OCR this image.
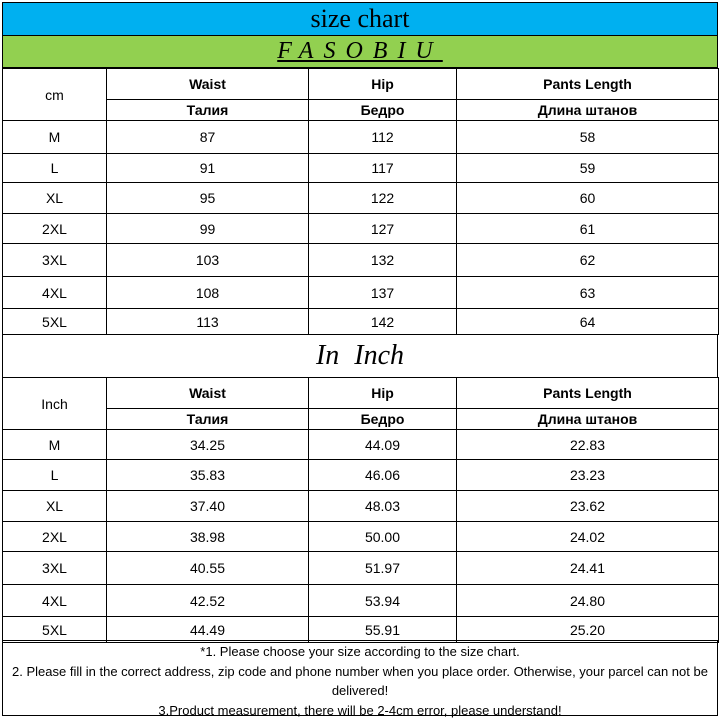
size chart
FASOBIU
cm	Waist	Hip	Pants Length
	Талия	Бедро	Длина штанов
M	87	112	58
L	91	117	59
XL	95	122	60
2XL	99	127	61
3XL	103	132	62
4XL	108	137	63
5XL	113	142	64
In Inch
Inch	Waist	Hip	Pants Length
	Талия	Бедро	Длина штанов
M	34.25	44.09	22.83
L	35.83	46.06	23.23
XL	37.40	48.03	23.62
2XL	38.98	50.00	24.02
3XL	40.55	51.97	24.41
4XL	42.52	53.94	24.80
5XL	44.49	55.91	25.20
*1. Please choose your size according to the size chart.
2. Please fill in the correct address, zip code and phone number when you place order. Otherwise, your parcel can not be delivered!
3.Product measurement, there will be 2-4cm error, please understand!
